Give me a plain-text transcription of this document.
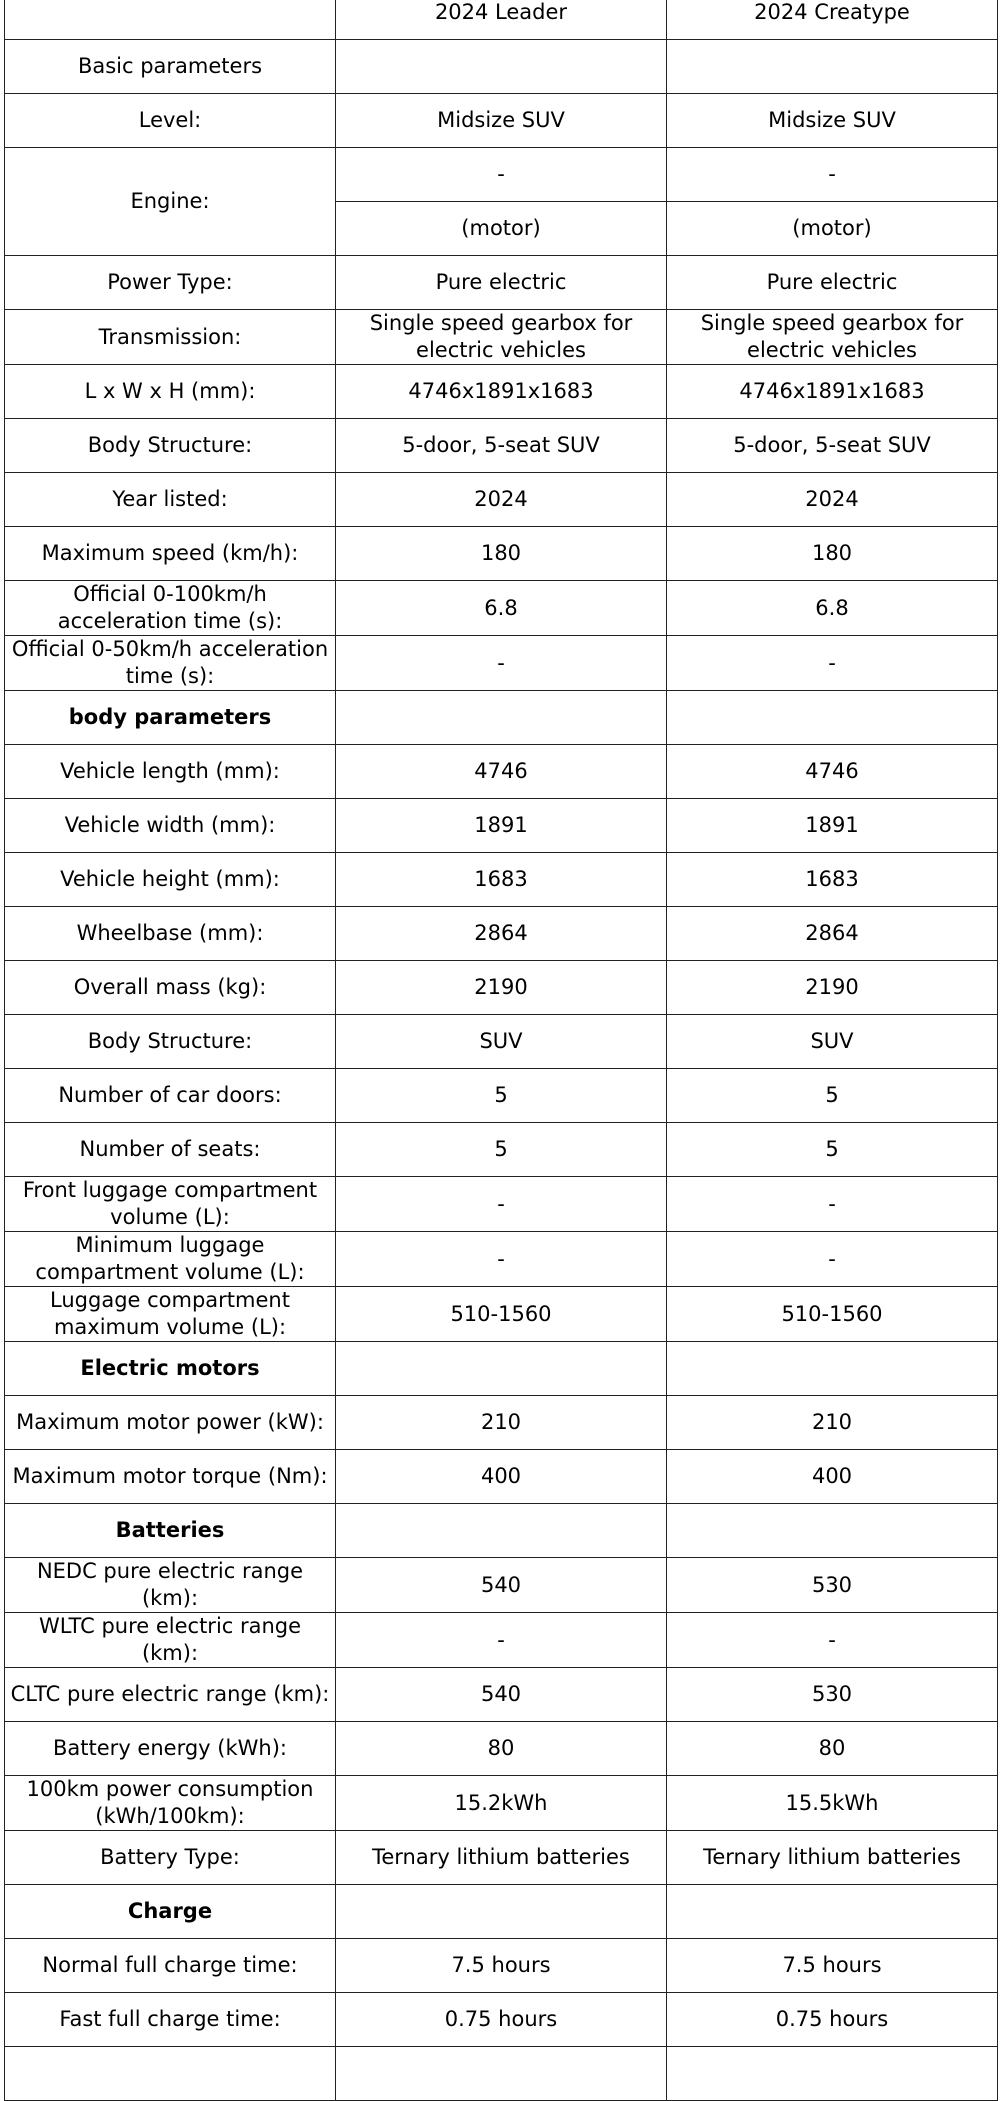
	2024 Leader	2024 Creatype
Basic parameters		
Level:	Midsize SUV	Midsize SUV
Engine:	-	-
	(motor)	(motor)
Power Type:	Pure electric	Pure electric
Transmission:	Single speed gearbox for electric vehicles	Single speed gearbox for electric vehicles
L x W x H (mm):	4746x1891x1683	4746x1891x1683
Body Structure:	5-door, 5-seat SUV	5-door, 5-seat SUV
Year listed:	2024	2024
Maximum speed (km/h):	180	180
Official 0-100km/h acceleration time (s):	6.8	6.8
Official 0-50km/h acceleration time (s):	-	-
body parameters		
Vehicle length (mm):	4746	4746
Vehicle width (mm):	1891	1891
Vehicle height (mm):	1683	1683
Wheelbase (mm):	2864	2864
Overall mass (kg):	2190	2190
Body Structure:	SUV	SUV
Number of car doors:	5	5
Number of seats:	5	5
Front luggage compartment volume (L):	-	-
Minimum luggage compartment volume (L):	-	-
Luggage compartment maximum volume (L):	510-1560	510-1560
Electric motors		
Maximum motor power (kW):	210	210
Maximum motor torque (Nm):	400	400
Batteries		
NEDC pure electric range (km):	540	530
WLTC pure electric range (km):	-	-
CLTC pure electric range (km):	540	530
Battery energy (kWh):	80	80
100km power consumption (kWh/100km):	15.2kWh	15.5kWh
Battery Type:	Ternary lithium batteries	Ternary lithium batteries
Charge		
Normal full charge time:	7.5 hours	7.5 hours
Fast full charge time:	0.75 hours	0.75 hours
